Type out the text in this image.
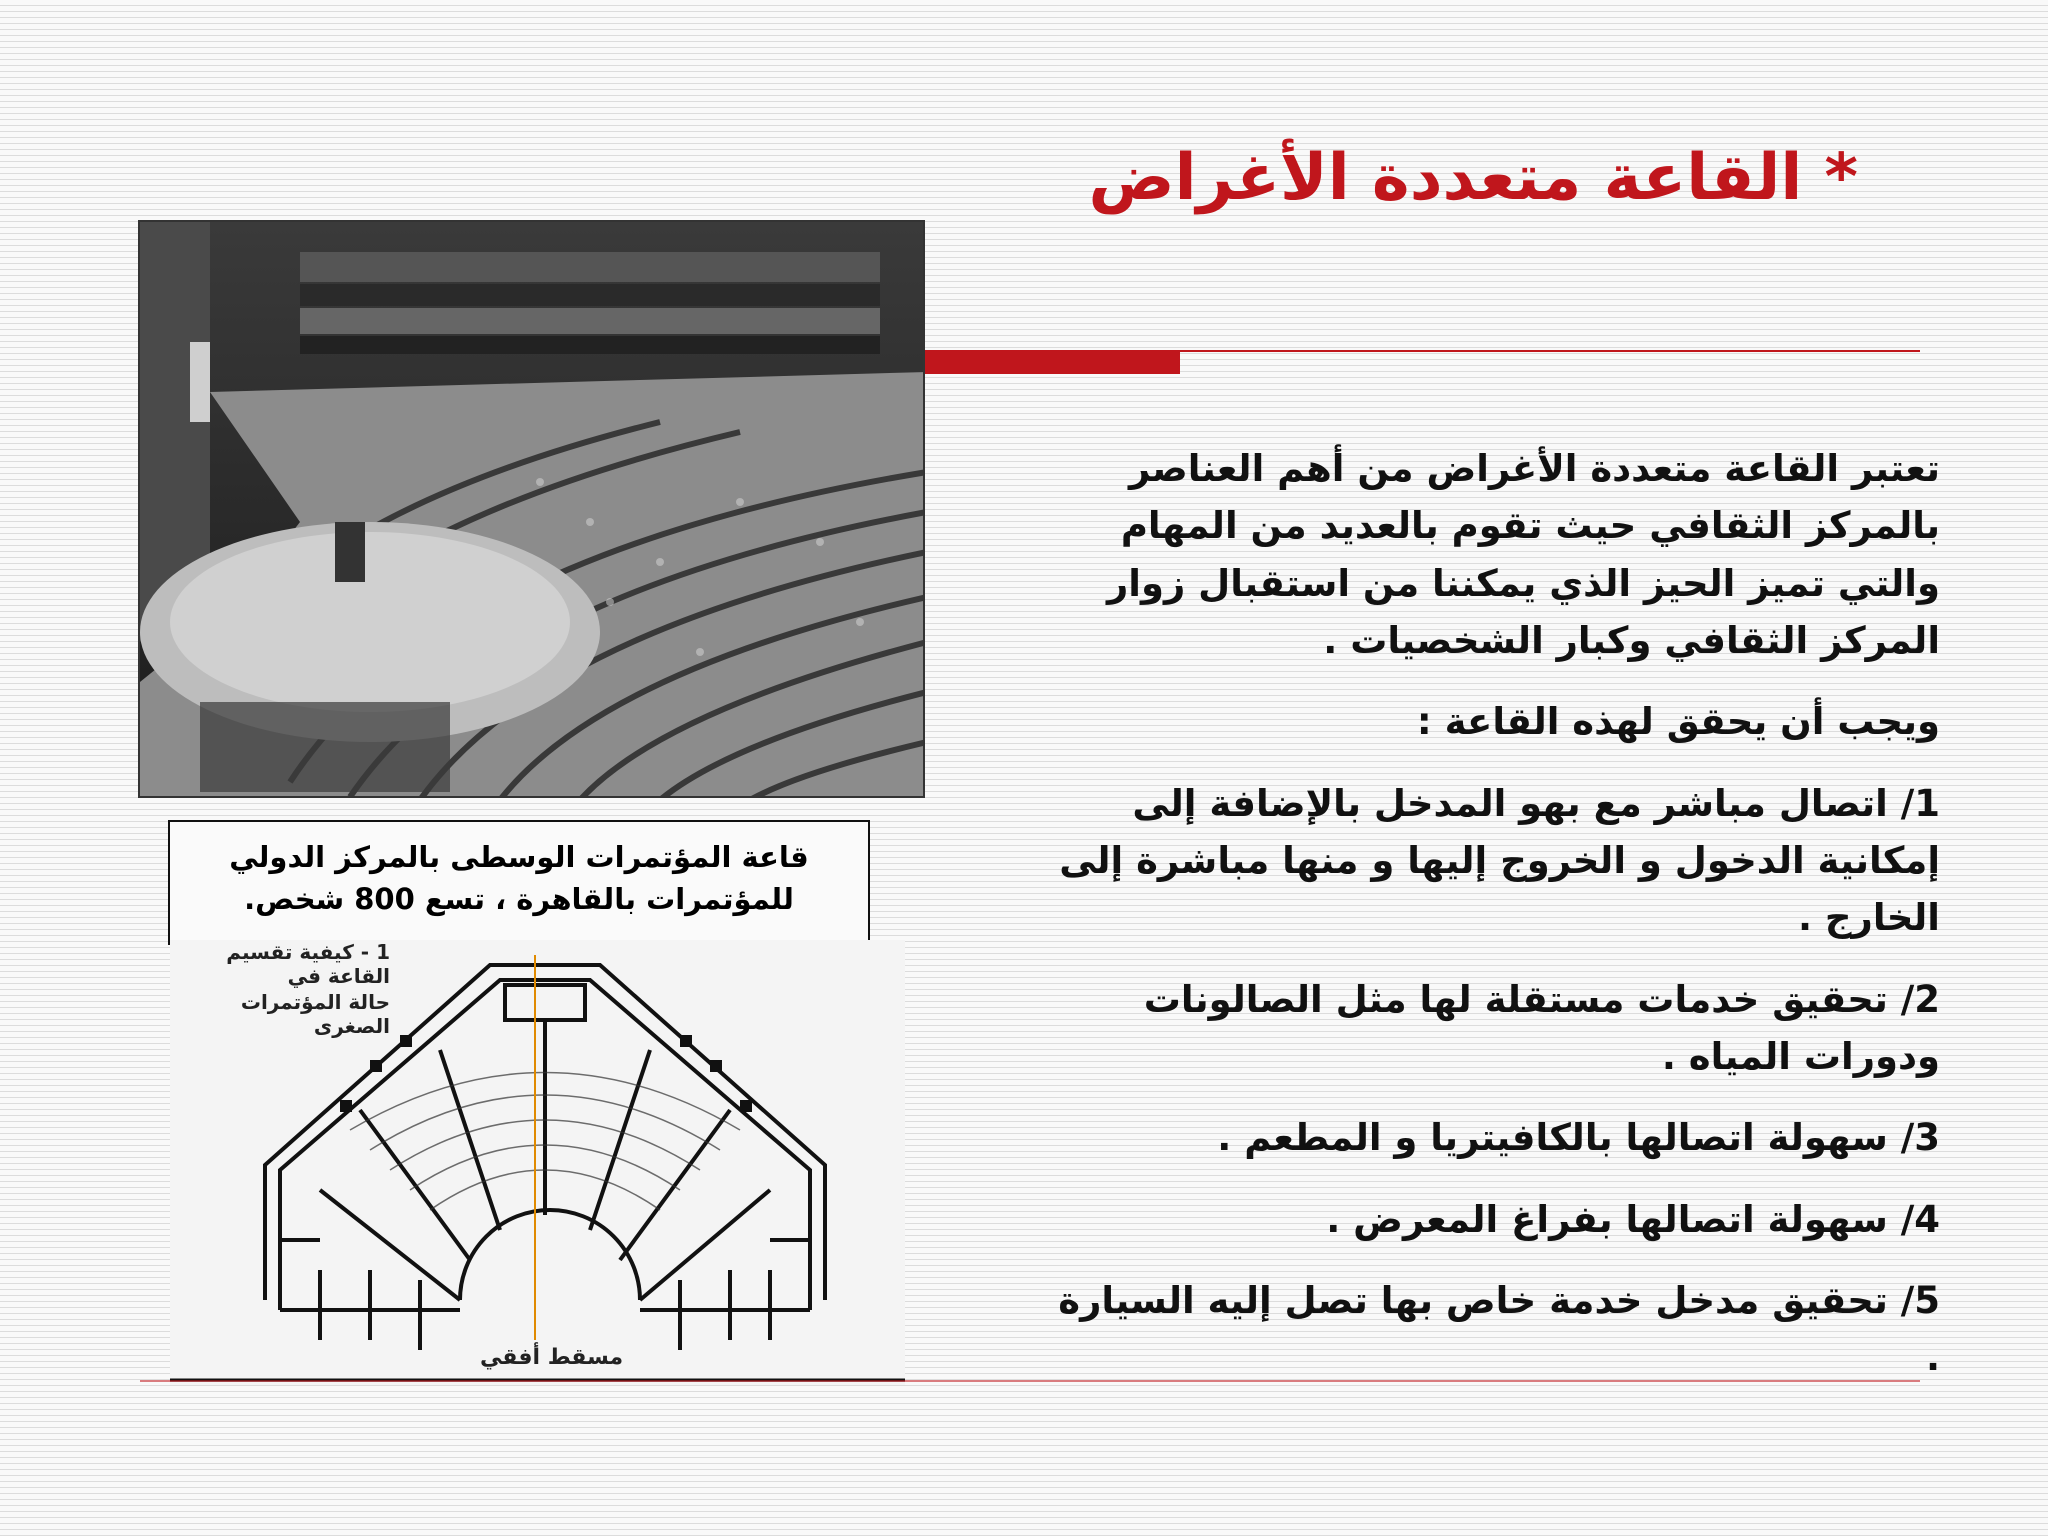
* القاعة متعددة الأغراض

تعتبر القاعة متعددة الأغراض من أهم العناصر بالمركز الثقافي حيث تقوم بالعديد من المهام والتي تميز الحيز الذي يمكننا من استقبال زوار المركز الثقافي وكبار الشخصيات .

ويجب أن يحقق لهذه القاعة :

1/ اتصال مباشر مع بهو المدخل بالإضافة إلى إمكانية الدخول و الخروج إليها و منها مباشرة إلى الخارج .

2/ تحقيق خدمات مستقلة لها مثل الصالونات ودورات المياه .

3/ سهولة اتصالها بالكافيتريا و المطعم .

4/ سهولة اتصالها بفراغ المعرض .

5/ تحقيق مدخل خدمة خاص بها تصل إليه السيارة .

قاعة المؤتمرات الوسطى بالمركز الدولي
للمؤتمرات بالقاهرة ، تسع 800 شخص.
1 - كيفية تقسيم القاعة في
حالة المؤتمرات الصغرى
مسقط أفقي
